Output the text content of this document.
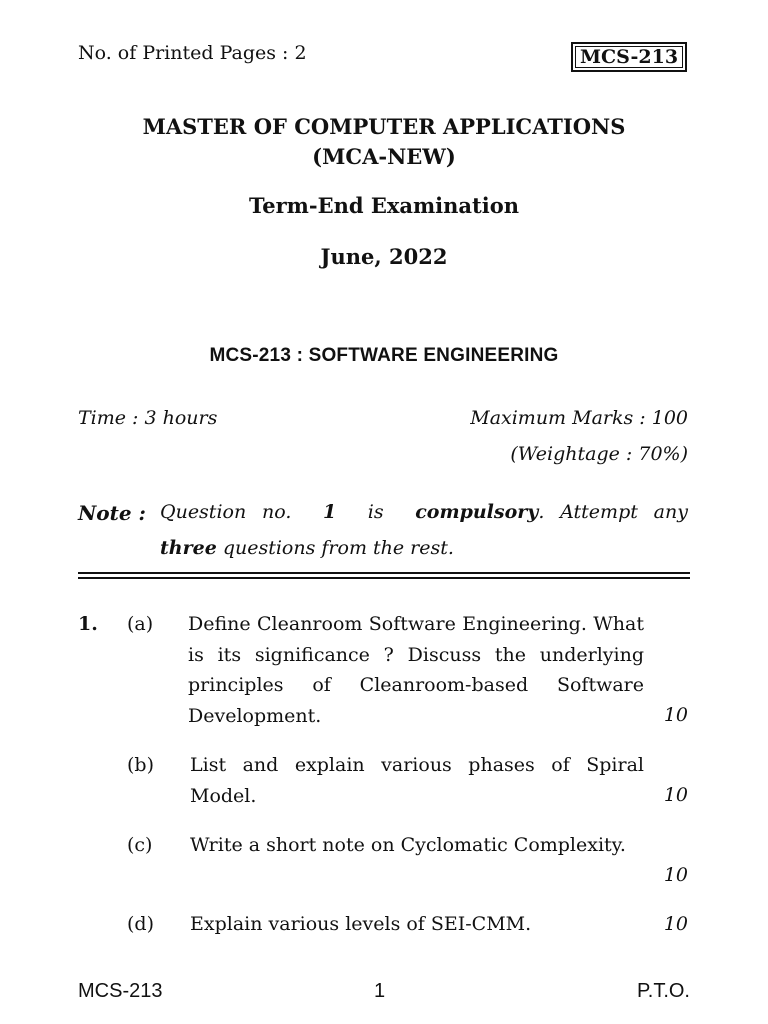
No. of Printed Pages : 2	MCS-213
MASTER OF COMPUTER APPLICATIONS
(MCA-NEW)
Term-End Examination
June, 2022
MCS-213 : SOFTWARE ENGINEERING
Time : 3 hours	Maximum Marks : 100
(Weightage : 70%)
Note : Question no. 1 is compulsory. Attempt any
three questions from the rest.
1. (a) Define Cleanroom Software Engineering. What is its significance ? Discuss the underlying principles of Cleanroom-based Software Development.	10
(b) List and explain various phases of Spiral Model.	10
(c) Write a short note on Cyclomatic Complexity.
10
(d) Explain various levels of SEI-CMM.	10
MCS-213	1	P.T.O.
